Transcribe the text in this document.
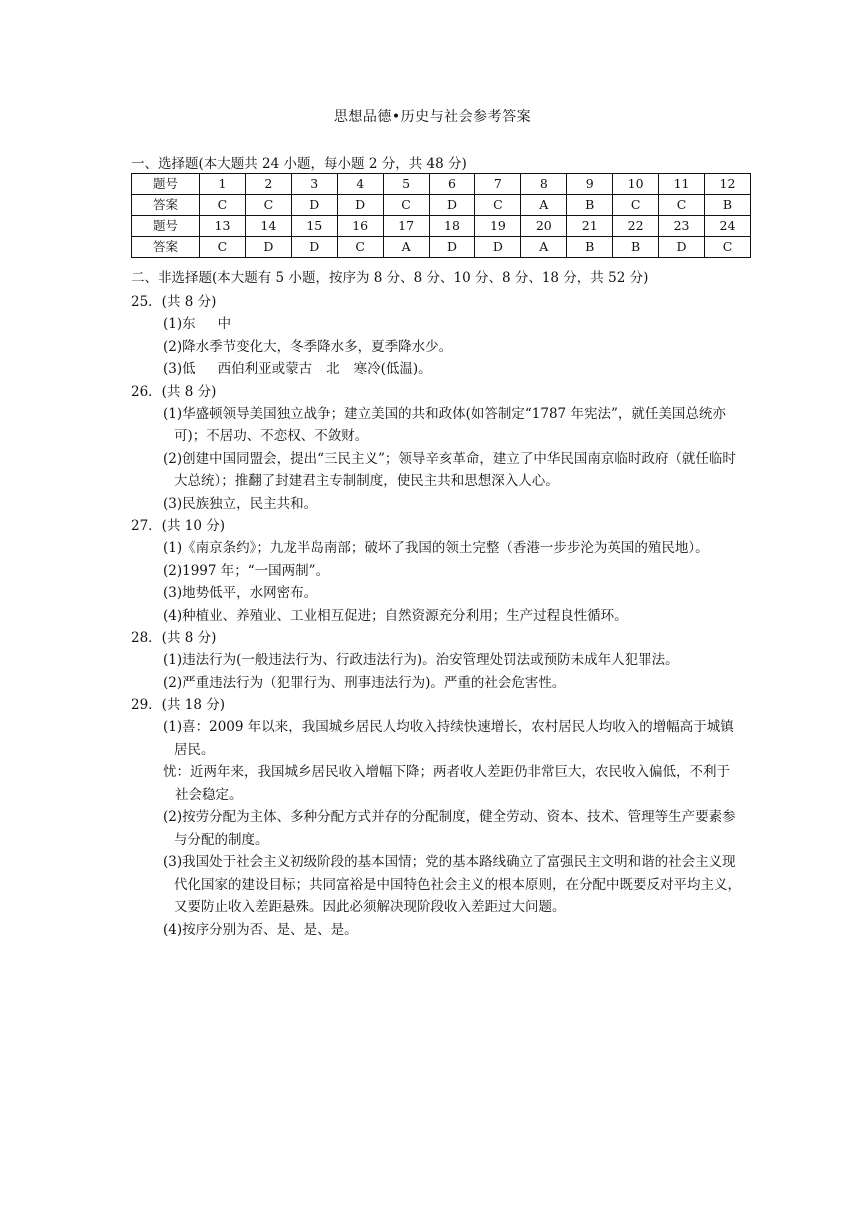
思想品德•历史与社会参考答案
一、选择题(本大题共 24 小题，每小题 2 分，共 48 分)
题号	1	2	3	4	5	6	7	8	9	10	11	12
答案	C	C	D	D	C	D	C	A	B	C	C	B
题号	13	14	15	16	17	18	19	20	21	22	23	24
答案	C	D	D	C	A	D	D	A	B	B	D	C
二、非选择题(本大题有 5 小题，按序为 8 分、8 分、10 分、8 分、18 分，共 52 分)
25．(共 8 分)
(1)东 中
(2)降水季节变化大，冬季降水多，夏季降水少。
(3)低 西伯利亚或蒙古 北 寒冷(低温)。
26．(共 8 分)
(1)华盛顿领导美国独立战争；建立美国的共和政体(如答制定“1787 年宪法”，就任美国总统亦可)；不居功、不恋权、不敛财。
(2)创建中国同盟会，提出“三民主义”；领导辛亥革命，建立了中华民国南京临时政府（就任临时大总统）；推翻了封建君主专制制度，使民主共和思想深入人心。
(3)民族独立，民主共和。
27．(共 10 分)
(1)《南京条约》；九龙半岛南部；破坏了我国的领土完整（香港一步步沦为英国的殖民地）。
(2)1997 年；“一国两制”。
(3)地势低平，水网密布。
(4)种植业、养殖业、工业相互促进；自然资源充分利用；生产过程良性循环。
28．(共 8 分)
(1)违法行为(一般违法行为、行政违法行为)。治安管理处罚法或预防未成年人犯罪法。
(2)严重违法行为（犯罪行为、刑事违法行为)。严重的社会危害性。
29．(共 18 分)
(1)喜：2009 年以来，我国城乡居民人均收入持续快速增长，农村居民人均收入的增幅高于城镇居民。
忧：近两年来，我国城乡居民收入增幅下降；两者收人差距仍非常巨大，农民收入偏低，不利于社会稳定。
(2)按劳分配为主体、多种分配方式并存的分配制度，健全劳动、资本、技术、管理等生产要素参与分配的制度。
(3)我国处于社会主义初级阶段的基本国情；党的基本路线确立了富强民主文明和谐的社会主义现代化国家的建设目标；共同富裕是中国特色社会主义的根本原则，在分配中既要反对平均主义，又要防止收入差距悬殊。因此必须解决现阶段收入差距过大问题。
(4)按序分别为否、是、是、是。
